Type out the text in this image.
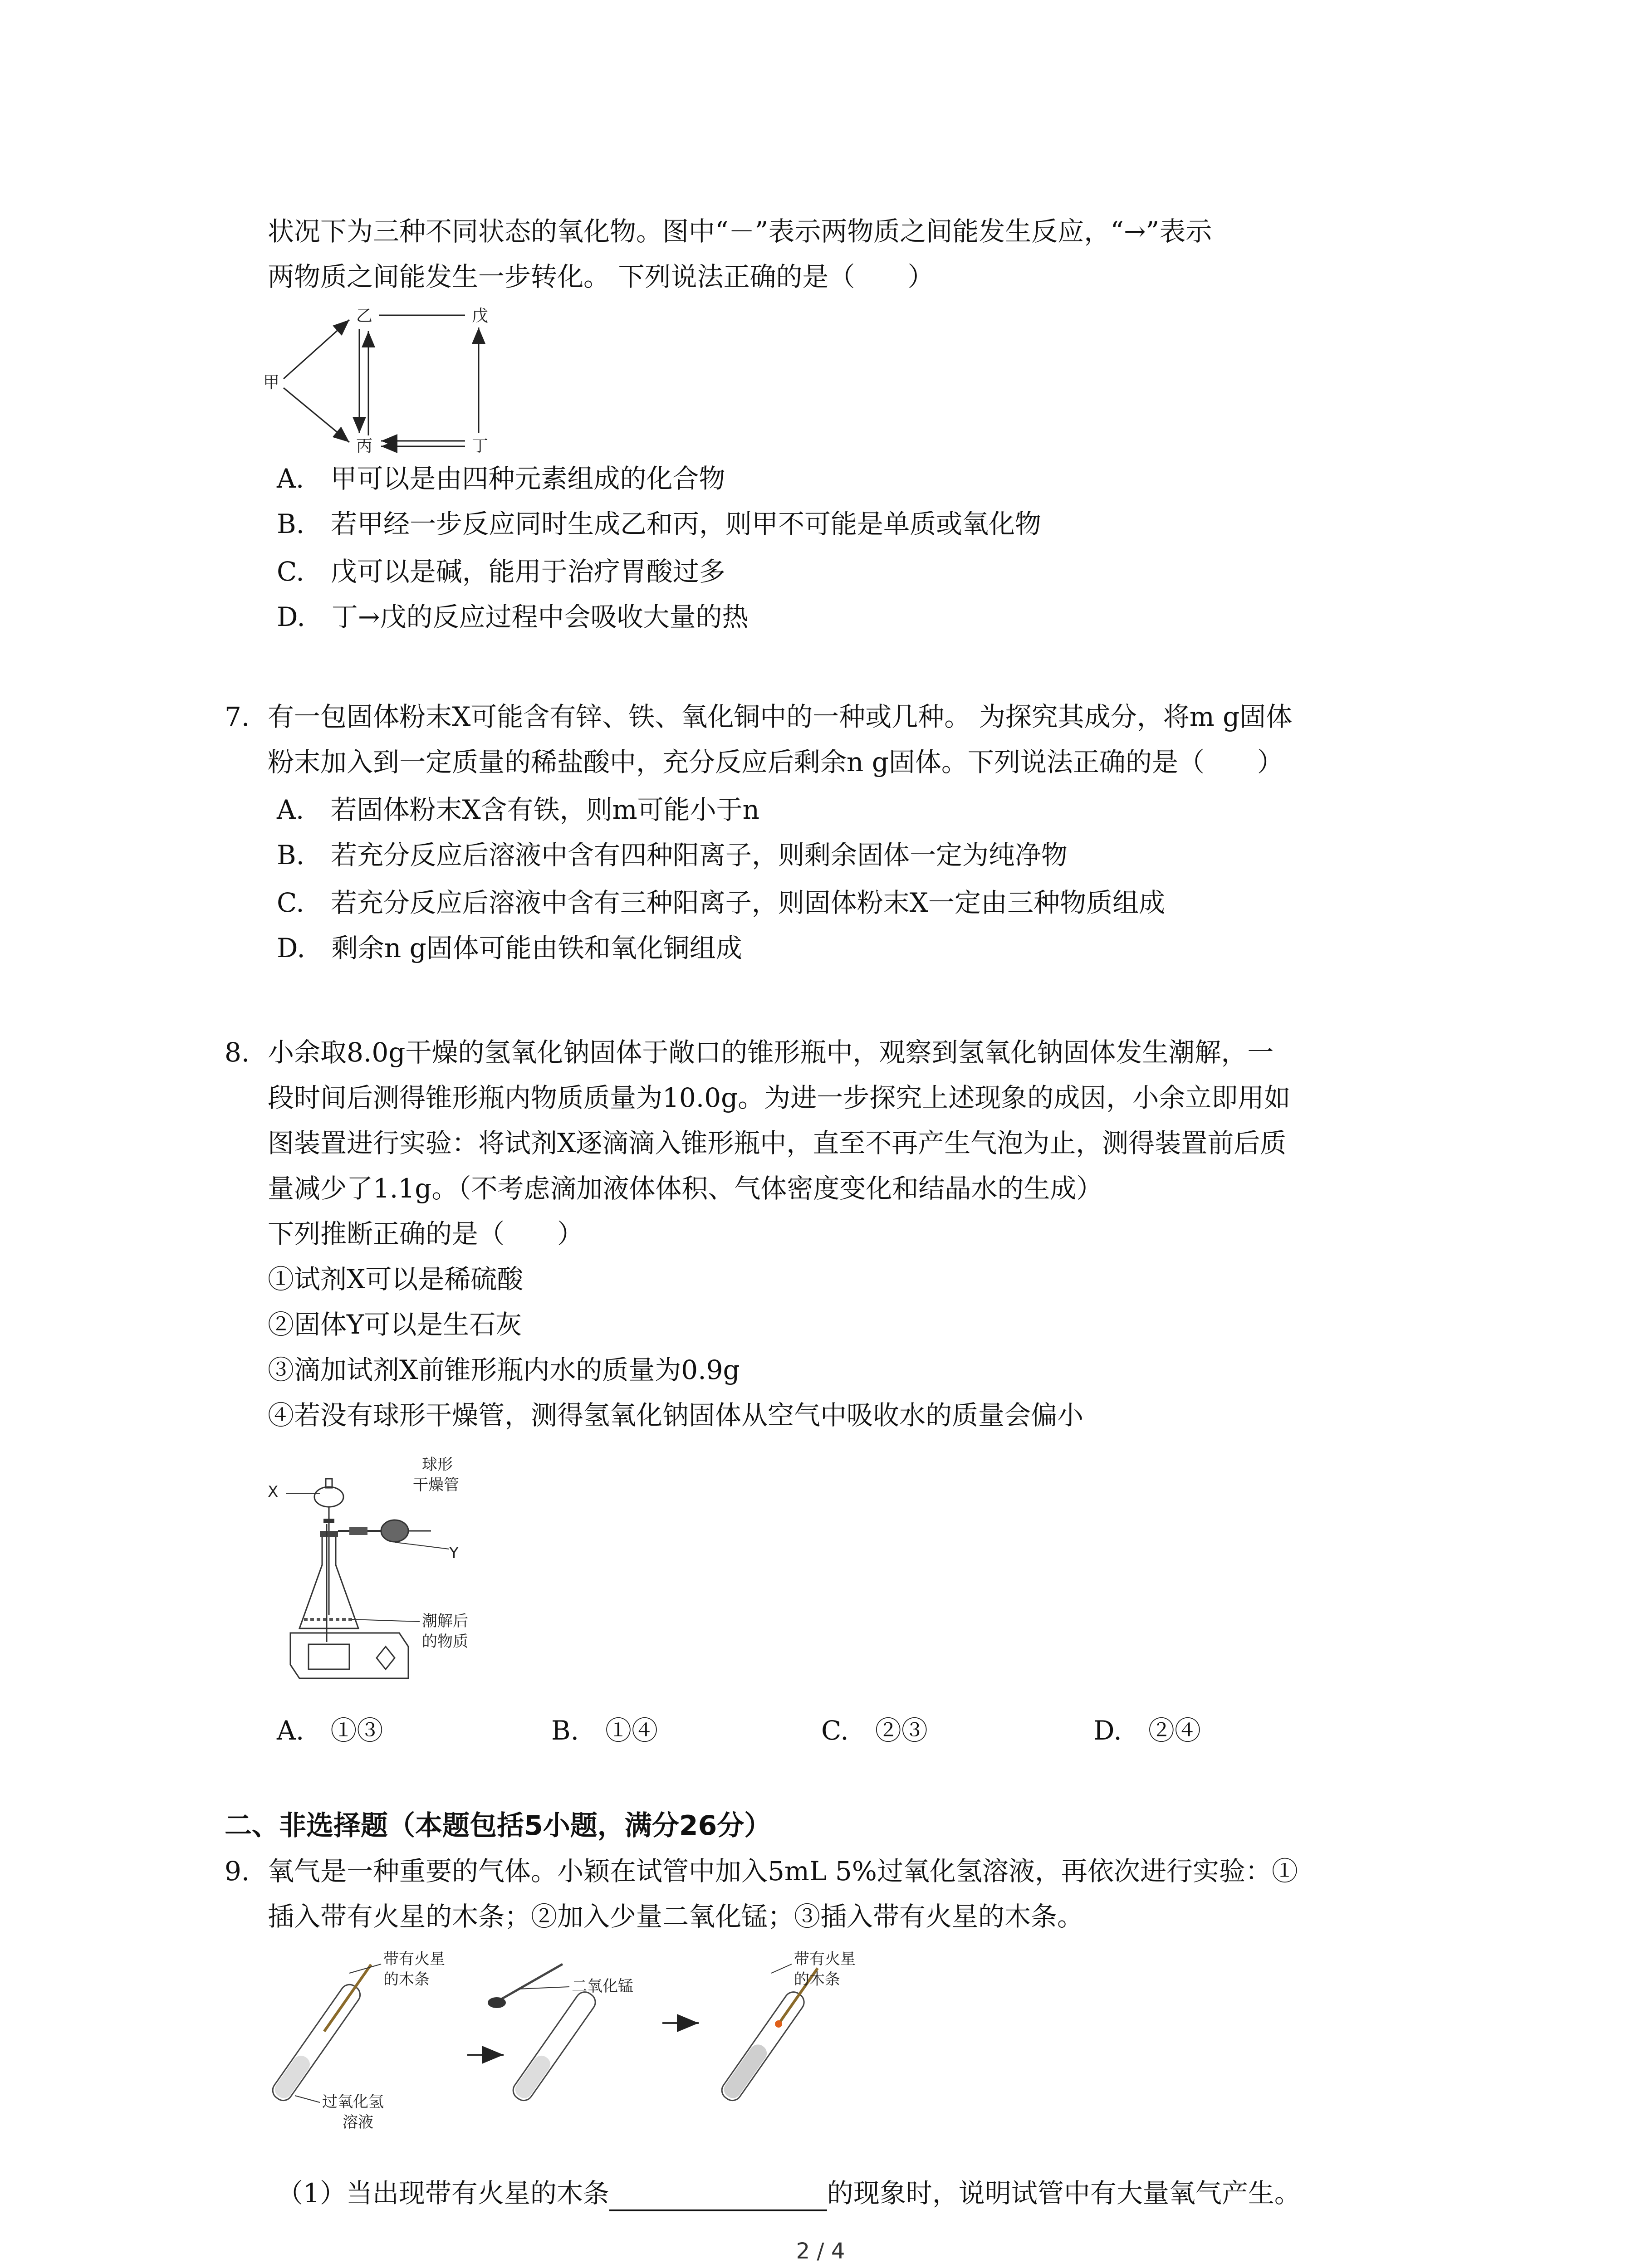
状况下为三种不同状态的氧化物。图中“－”表示两物质之间能发生反应，“→”表示
两物质之间能发生一步转化。 下列说法正确的是（　　）
甲
乙	戊
丙	丁
A.　甲可以是由四种元素组成的化合物
B.　若甲经一步反应同时生成乙和丙，则甲不可能是单质或氧化物
C.　戊可以是碱，能用于治疗胃酸过多
D.　丁→戊的反应过程中会吸收大量的热
7. 有一包固体粉末X可能含有锌、铁、氧化铜中的一种或几种。 为探究其成分，将m g固体
粉末加入到一定质量的稀盐酸中，充分反应后剩余n g固体。下列说法正确的是（　　）
A.　若固体粉末X含有铁，则m可能小于n
B.　若充分反应后溶液中含有四种阳离子，则剩余固体一定为纯净物
C.　若充分反应后溶液中含有三种阳离子，则固体粉末X一定由三种物质组成
D.　剩余n g固体可能由铁和氧化铜组成
8. 小余取8.0g干燥的氢氧化钠固体于敞口的锥形瓶中，观察到氢氧化钠固体发生潮解，一
段时间后测得锥形瓶内物质质量为10.0g。为进一步探究上述现象的成因，小余立即用如
图装置进行实验：将试剂X逐滴滴入锥形瓶中，直至不再产生气泡为止，测得装置前后质
量减少了1.1g。（不考虑滴加液体体积、气体密度变化和结晶水的生成）
下列推断正确的是（　　）
①试剂X可以是稀硫酸
②固体Y可以是生石灰
③滴加试剂X前锥形瓶内水的质量为0.9g
④若没有球形干燥管，测得氢氧化钠固体从空气中吸收水的质量会偏小
X
球形
干燥管
Y
潮解后
的物质
A.　①③	B.　①④	C.　②③	D.　②④
二、非选择题（本题包括5小题，满分26分）
9. 氧气是一种重要的气体。小颖在试管中加入5mL 5%过氧化氢溶液，再依次进行实验：①
插入带有火星的木条；②加入少量二氧化锰；③插入带有火星的木条。
带有火星
的木条
过氧化氢
溶液
二氧化锰
带有火星
的木条
（1）当出现带有火星的木条	的现象时，说明试管中有大量氧气产生。
2 / 4
